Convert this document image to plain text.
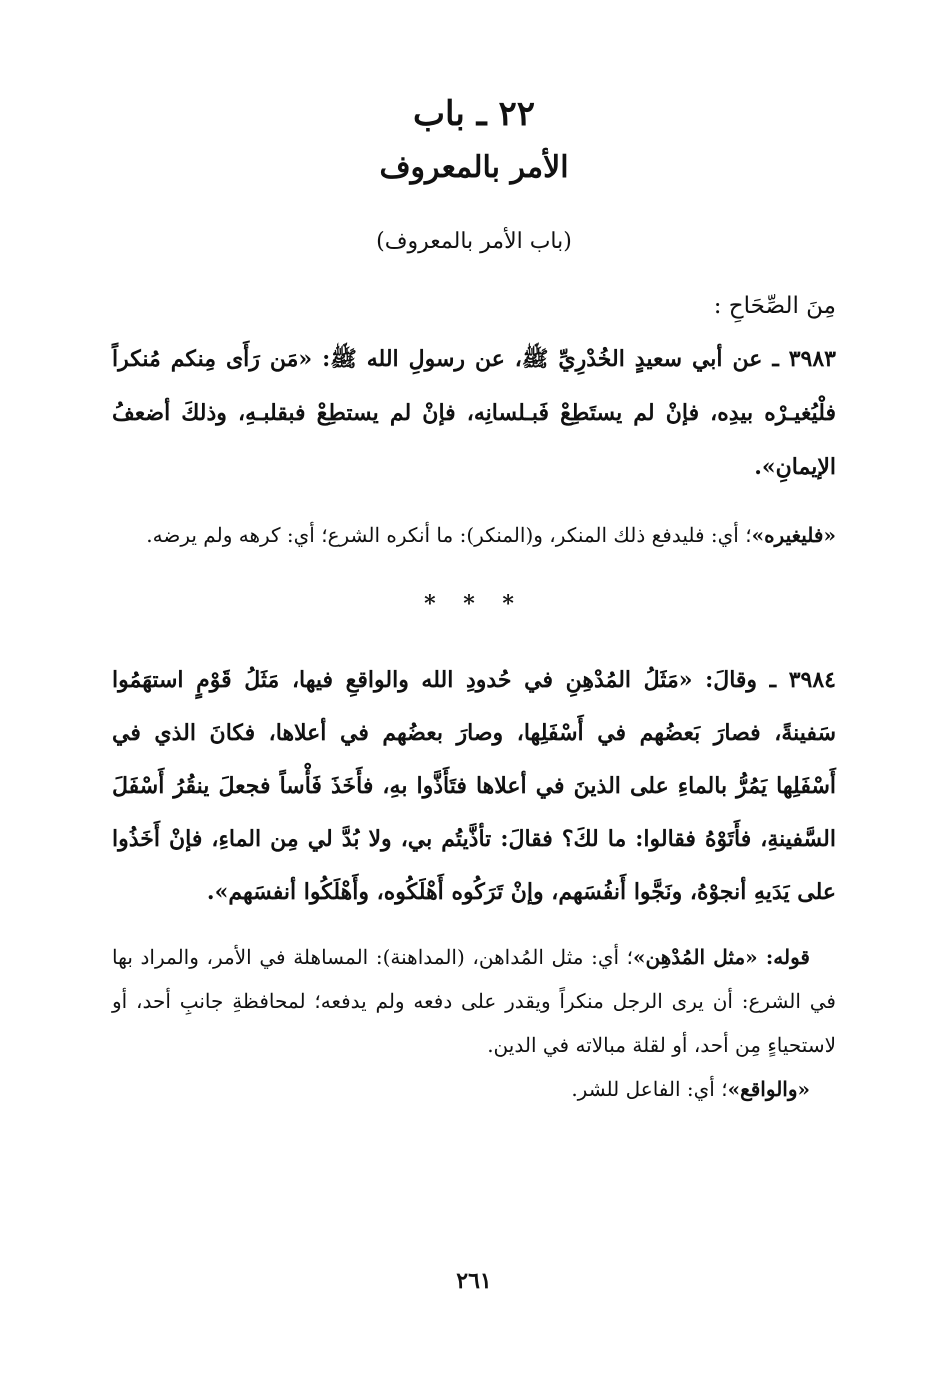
٢٢ ـ باب
الأمر بالمعروف
(باب الأمر بالمعروف)
مِنَ الصِّحَاحِ :
٣٩٨٣ ـ عن أبي سعيدٍ الخُدْرِيِّ ﷺ، عن رسولِ الله ﷺ: «مَن رَأَى مِنكم مُنكراً فلْيُغيـرْه بيدِه، فإنْ لم يستَطِعْ فَبـلسانِه، فإنْ لم يستطِعْ فبقلبـهِ، وذلكَ أضعفُ الإيمانِ».

«فليغيره»؛ أي: فليدفع ذلك المنكر، و(المنكر): ما أنكره الشرع؛ أي: كرهه ولم يرضه.

* * *
٣٩٨٤ ـ وقالَ: «مَثَلُ المُدْهِنِ في حُدودِ الله والواقعِ فيها، مَثَلُ قَوْمٍ استهَمُوا سَفينةً، فصارَ بَعضُهم في أَسْفَلِها، وصارَ بعضُهم في أعلاها، فكانَ الذي في أَسْفَلِها يَمُرُّ بالماءِ على الذينَ في أعلاها فتَأَذَّوا بهِ، فأَخَذَ فَأْساً فجعلَ ينقُرُ أَسْفَلَ السَّفينةِ، فأَتَوْهُ فقالوا: ما لكَ؟ فقالَ: تأذَّيتُم بي، ولا بُدَّ لي مِن الماءِ، فإنْ أَخَذُوا على يَدَيهِ أنجوْهُ، ونَجَّوا أَنفُسَهم، وإنْ تَرَكُوه أَهْلَكُوه، وأَهْلَكُوا أنفسَهم».

قوله: «مثل المُدْهِن»؛ أي: مثل المُداهن، (المداهنة): المساهلة في الأمر، والمراد بها في الشرع: أن يرى الرجل منكراً ويقدر على دفعه ولم يدفعه؛ لمحافظةِ جانبِ أحد، أو لاستحياءٍ مِن أحد، أو لقلة مبالاته في الدين.

«والواقع»؛ أي: الفاعل للشر.

٢٦١
